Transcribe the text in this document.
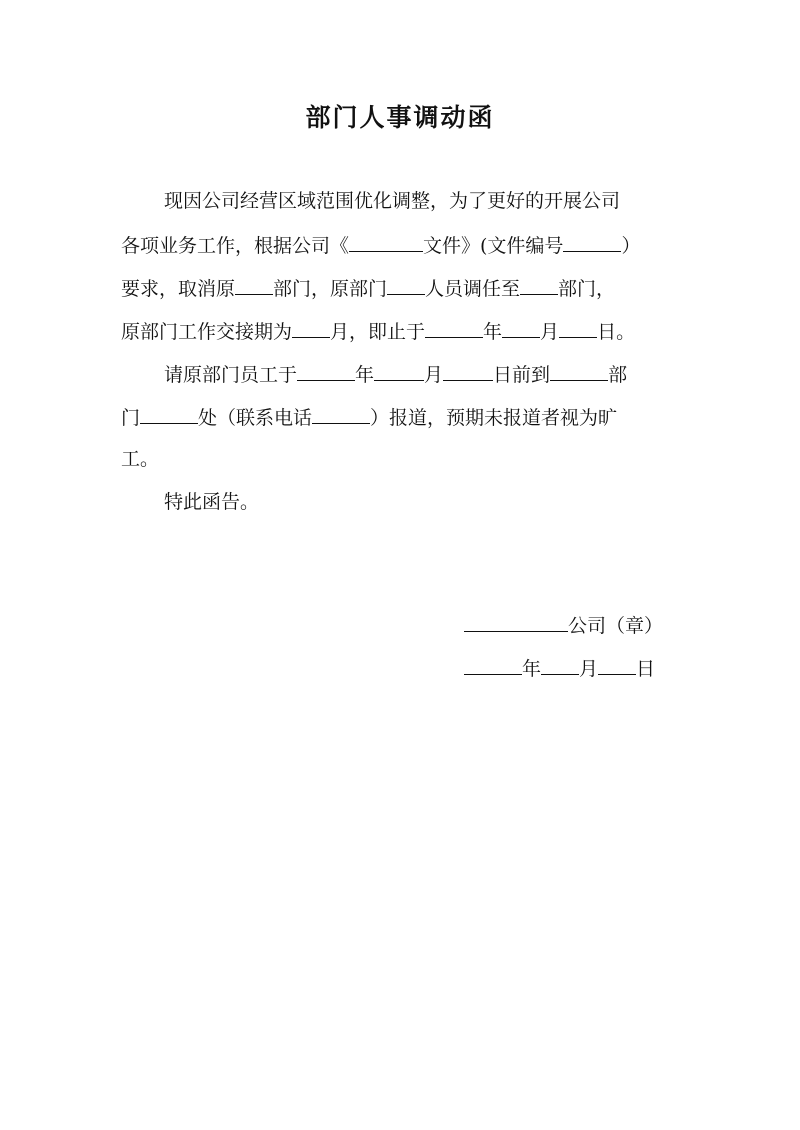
部门人事调动函
现因公司经营区域范围优化调整，为了更好的开展公司
各项业务工作，根据公司《	文件》(文件编号	）
要求，取消原 部门，原部门 人员调任至 部门，
原部门工作交接期为 月，即止于	年 月 日。
请原部门员工于	年	月	日前到	部
门	处（联系电话	）报道，预期未报道者视为旷
工。
特此函告。
公司（章）
年 月 日
